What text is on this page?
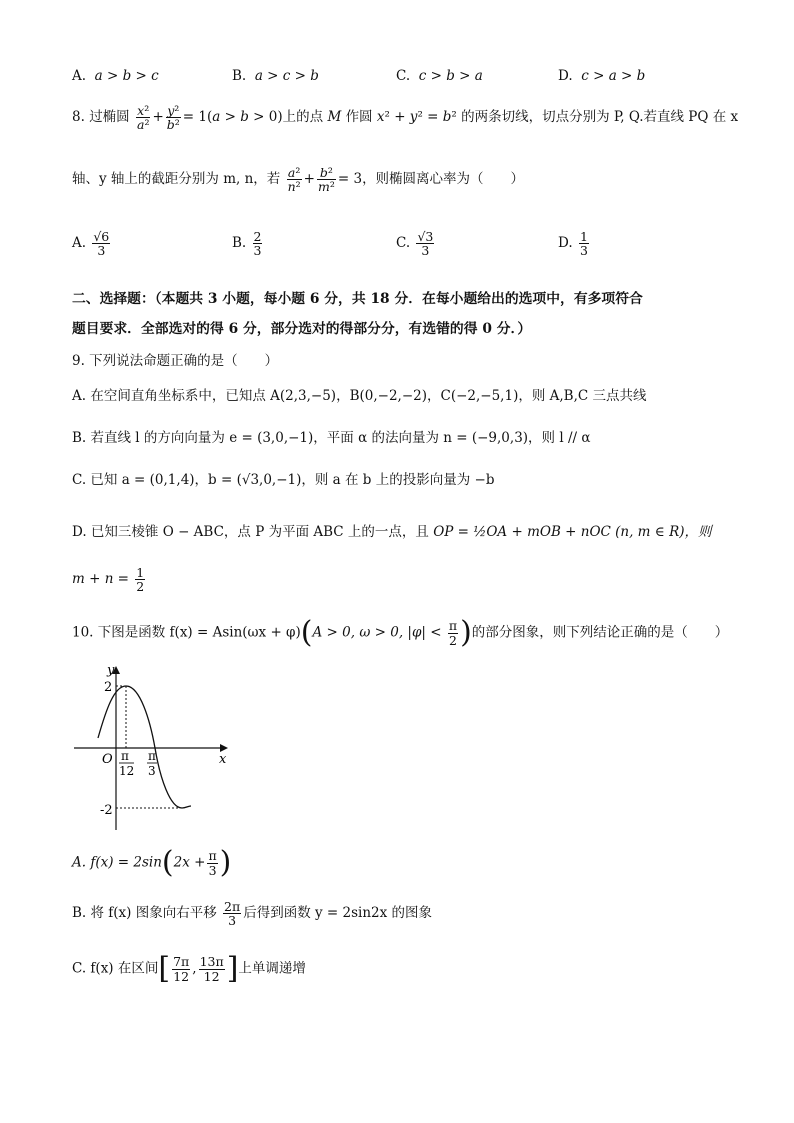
A. a > b > c	B. a > c > b	C. c > b > a	D. c > a > b
8. 过椭圆 $\frac{\text{x²}}{\text{a²}} + \frac{\text{y²}}{\text{b²}} = 1(a > b > 0)$上的点 M 作圆 x² + y² = b² 的两条切线，切点分别为 P, Q.若直线 PQ 在 x
轴、y 轴上的截距分别为 m, n，若 $\frac{\text{a²}}{\text{n²}} + \frac{\text{b²}}{\text{m²}} = 3$，则椭圆离心率为（　　）
A. $\frac{√6}{3}$	B. $\frac{2}{3}$	C. $\frac{√3}{3}$	D. $\frac{1}{3}$
二、选择题：（本题共 3 小题，每小题 6 分，共 18 分．在每小题给出的选项中，有多项符合
题目要求．全部选对的得 6 分，部分选对的得部分分，有选错的得 0 分．）
9. 下列说法命题正确的是（　　）
A. 在空间直角坐标系中，已知点 A(2,3,−5)，B(0,−2,−2)，C(−2,−5,1)，则 A,B,C 三点共线
B. 若直线 l 的方向向量为 e = (3,0,−1)，平面 α 的法向量为 n = (−9,0,3)，则 l // α
C. 已知 a = (0,1,4)，b = (√3,0,−1)，则 a 在 b 上的投影向量为 −b
D. 已知三棱锥 O − ABC，点 P 为平面 ABC 上的一点，且 OP = ½OA + mOB + nOC (n, m ∈ R)，则
$m + n = \frac{1}{2}$
10. 下图是函数 f(x) = Asin(ωx + φ)(A > 0, ω > 0, $|\varphi| < \frac{\pi}{2}$ )的部分图象，则下列结论正确的是（　　）
y
x
O
2
-2
π
12
π
3
A. $f(x) = 2\sin(2x + \frac{\pi}{3}$ )
B. 将 f(x) 图象向右平移 $\frac{2\pi}{3}$ 后得到函数 y = 2sin2x 的图象
C. f(x) 在区间[ $\frac{7\pi}{12}$ , $\frac{13\pi}{12}$ ]上单调递增
